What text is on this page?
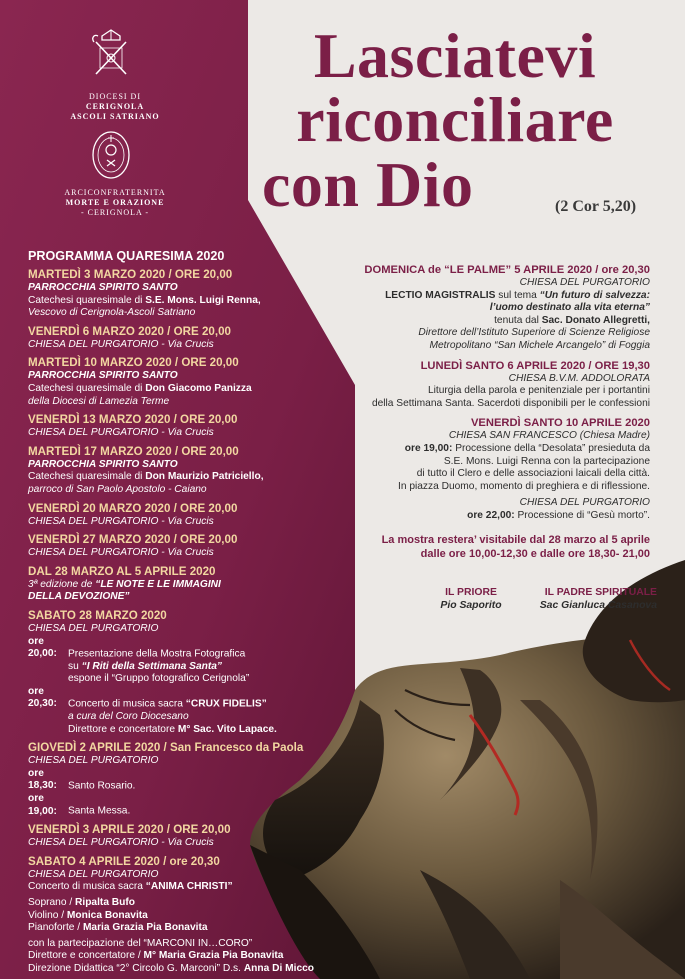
DIOCESI DI
CERIGNOLA
ASCOLI SATRIANO
ARCICONFRATERNITA
MORTE E ORAZIONE
- CERIGNOLA -
Lasciatevi
riconciliare
con Dio	(2 Cor 5,20)
PROGRAMMA QUARESIMA 2020
MARTEDÌ 3 MARZO 2020 / ORE 20,00
PARROCCHIA SPIRITO SANTO
Catechesi quaresimale di S.E. Mons. Luigi Renna,
Vescovo di Cerignola-Ascoli Satriano
VENERDÌ 6 MARZO 2020 / ORE 20,00
CHIESA DEL PURGATORIO - Via Crucis
MARTEDÌ 10 MARZO 2020 / ORE 20,00
PARROCCHIA SPIRITO SANTO
Catechesi quaresimale di Don Giacomo Panizza
della Diocesi di Lamezia Terme
VENERDÌ 13 MARZO 2020 / ORE 20,00
CHIESA DEL PURGATORIO - Via Crucis
MARTEDÌ 17 MARZO 2020 / ORE 20,00
PARROCCHIA SPIRITO SANTO
Catechesi quaresimale di Don Maurizio Patriciello,
parroco di San Paolo Apostolo - Caiano
VENERDÌ 20 MARZO 2020 / ORE 20,00
CHIESA DEL PURGATORIO - Via Crucis
VENERDÌ 27 MARZO 2020 / ORE 20,00
CHIESA DEL PURGATORIO - Via Crucis
DAL 28 MARZO AL 5 APRILE 2020
3ª edizione de “LE NOTE E LE IMMAGINI
DELLA DEVOZIONE”
SABATO 28 MARZO 2020
CHIESA DEL PURGATORIO
ore 20,00: Presentazione della Mostra Fotografica
su “I Riti della Settimana Santa”
espone il “Gruppo fotografico Cerignola”
ore 20,30: Concerto di musica sacra “CRUX FIDELIS”
a cura del Coro Diocesano
Direttore e concertatore M° Sac. Vito Lapace.
GIOVEDÌ 2 APRILE 2020 / San Francesco da Paola
CHIESA DEL PURGATORIO
ore 18,30: Santo Rosario.
ore 19,00: Santa Messa.
VENERDÌ 3 APRILE 2020 / ORE 20,00
CHIESA DEL PURGATORIO - Via Crucis
SABATO 4 APRILE 2020 / ore 20,30
CHIESA DEL PURGATORIO
Concerto di musica sacra “ANIMA CHRISTI”
Soprano / Ripalta Bufo
Violino / Monica Bonavita
Pianoforte / Maria Grazia Pia Bonavita
con la partecipazione del “MARCONI IN…CORO”
Direttore e concertatore / M° Maria Grazia Pia Bonavita
Direzione Didattica “2° Circolo G. Marconi” D.s. Anna Di Micco
DOMENICA de “LE PALME” 5 APRILE 2020 / ore 20,30
CHIESA DEL PURGATORIO
LECTIO MAGISTRALIS sul tema “Un futuro di salvezza:
l’uomo destinato alla vita eterna”
tenuta dal Sac. Donato Allegretti,
Direttore dell’Istituto Superiore di Scienze Religiose
Metropolitano “San Michele Arcangelo” di Foggia
LUNEDÌ SANTO 6 APRILE 2020 / ORE 19,30
CHIESA B.V.M. ADDOLORATA
Liturgia della parola e penitenziale per i portantini
della Settimana Santa. Sacerdoti disponibili per le confessioni
VENERDÌ SANTO 10 APRILE 2020
CHIESA SAN FRANCESCO (Chiesa Madre)
ore 19,00: Processione della “Desolata” presieduta da
S.E. Mons. Luigi Renna con la partecipazione
di tutto il Clero e delle associazioni laicali della città.
In piazza Duomo, momento di preghiera e di riflessione.
CHIESA DEL PURGATORIO
ore 22,00: Processione di “Gesù morto”.
La mostra restera’ visitabile dal 28 marzo al 5 aprile
dalle ore 10,00-12,30 e dalle ore 18,30- 21,00
IL PRIORE
Pio Saporito
IL PADRE SPIRITUALE
Sac Gianluca Casanova
